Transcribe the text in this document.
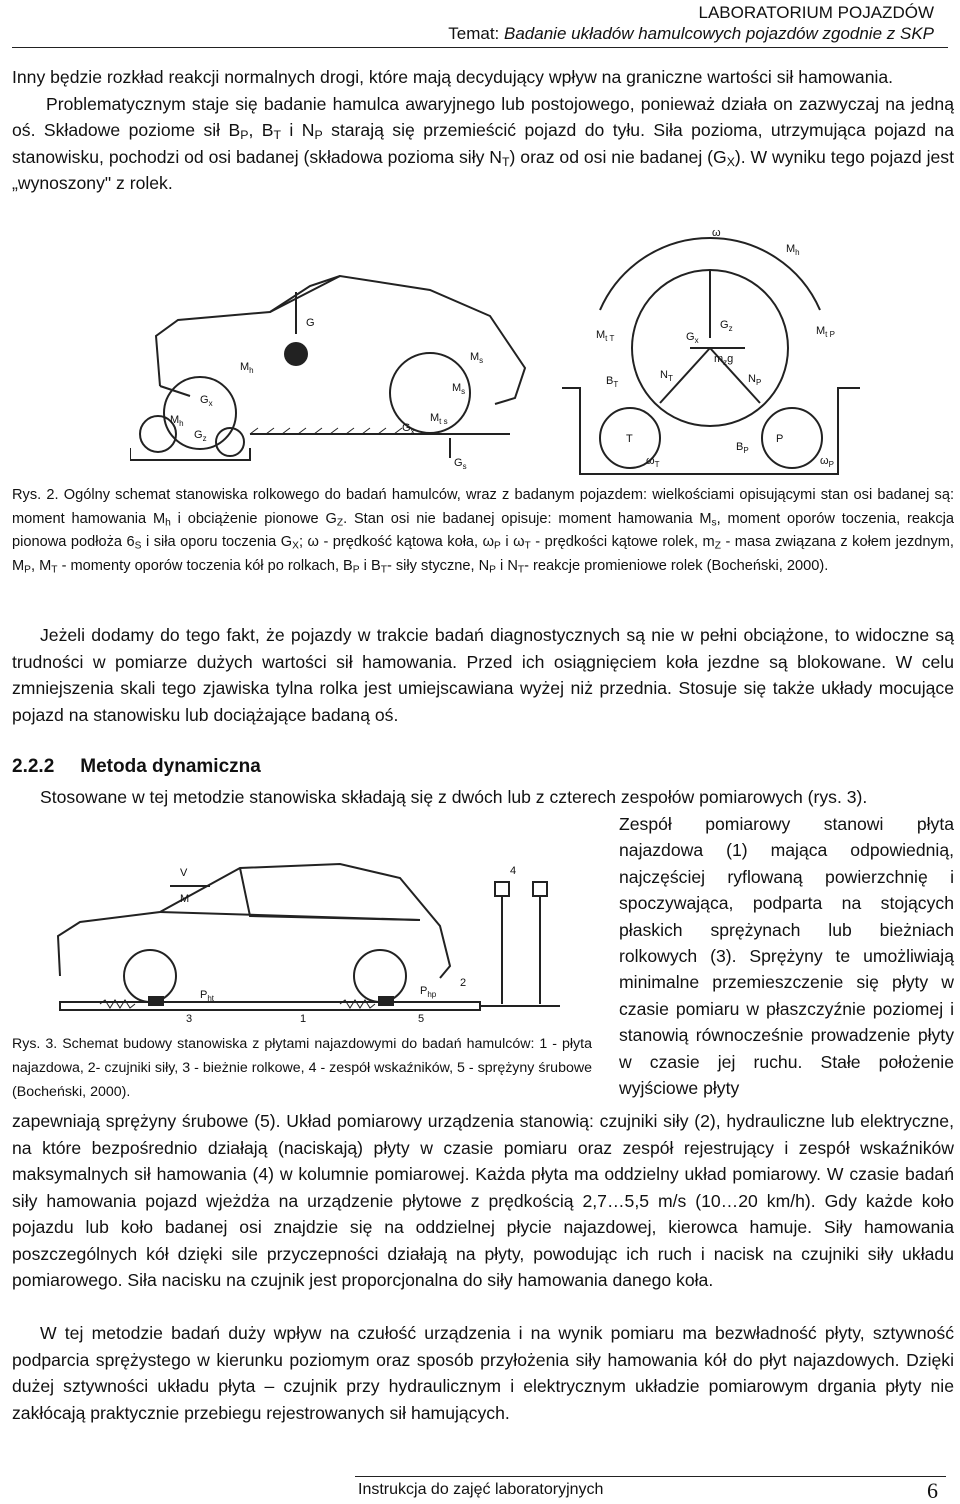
LABORATORIUM POJAZDÓW
Temat: Badanie układów hamulcowych pojazdów zgodnie z SKP

Inny będzie rozkład reakcji normalnych drogi, które mają decydujący wpływ na graniczne wartości sił hamowania.
Problematycznym staje się badanie hamulca awaryjnego lub postojowego, ponieważ działa on zazwyczaj na jedną oś. Składowe poziome sił BP, BT i NP starają się przemieścić pojazd do tyłu. Siła pozioma, utrzymująca pojazd na stanowisku, pochodzi od osi badanej (składowa pozioma siły NT) oraz od osi nie badanej (GX). W wyniku tego pojazd jest „wynoszony" z rolek.

G
$M_h$
$M_h$
$G_x$
$G_z$
$M_s$
$M_s$
$M_{t s}$
$G_x$
$G_s$
ω
$M_h$
$M_{t T}$
$M_{t P}$
$G_x$
$G_z$
$m_zg$
$B_T$
$N_T$	$N_P$
T	P
$B_P$
$\omega_T$	$\omega_P$

Rys. 2. Ogólny schemat stanowiska rolkowego do badań hamulców, wraz z badanym pojazdem: wielkościami opisującymi stan osi badanej są: moment hamowania Mh i obciążenie pionowe GZ. Stan osi nie badanej opisuje: moment hamowania Ms, moment oporów toczenia, reakcja pionowa podłoża 6S i siła oporu toczenia GX; ω - prędkość kątowa koła, ωP i ωT - prędkości kątowe rolek, mZ - masa związana z kołem jezdnym, MP, MT - momenty oporów toczenia kół po rolkach, BP i BT- siły styczne, NP i NT- reakcje promieniowe rolek (Bocheński, 2000).

Jeżeli dodamy do tego fakt, że pojazdy w trakcie badań diagnostycznych są nie w pełni obciążone, to widoczne są trudności w pomiarze dużych wartości sił hamowania. Przed ich osiągnięciem koła jezdne są blokowane. W celu zmniejszenia skali tego zjawiska tylna rolka jest umiejscawiana wyżej niż przednia. Stosuje się także układy mocujące pojazd na stanowisku lub dociążające badaną oś.

2.2.2 Metoda dynamiczna

Stosowane w tej metodzie stanowiska składają się z dwóch lub z czterech zespołów pomiarowych (rys. 3).

Zespół pomiarowy stanowi płyta najazdowa (1) mająca odpowiednią, najczęściej ryflowaną powierzchnię i spoczywająca, podparta na stojących płaskich sprężynach lub bieżniach rolkowych (3). Sprężyny te umożliwiają minimalne przemieszczenie się płyty w czasie pomiaru w płaszczyźnie poziomej i stanowią równocześnie prowadzenie płyty w czasie jej ruchu. Stałe położenie wyjściowe płyty

V
M
$P_{ht}$
$P_{hp}$
1
2
3
4
5

Rys. 3. Schemat budowy stanowiska z płytami najazdowymi do badań hamulców: 1 - płyta najazdowa, 2- czujniki siły, 3 - bieżnie rolkowe, 4 - zespół wskaźników, 5 - sprężyny śrubowe (Bocheński, 2000).

zapewniają sprężyny śrubowe (5). Układ pomiarowy urządzenia stanowią: czujniki siły (2), hydrauliczne lub elektryczne, na które bezpośrednio działają (naciskają) płyty w czasie pomiaru oraz zespół rejestrujący i zespół wskaźników maksymalnych sił hamowania (4) w kolumnie pomiarowej. Każda płyta ma oddzielny układ pomiarowy. W czasie badań siły hamowania pojazd wjeżdża na urządzenie płytowe z prędkością 2,7…5,5 m/s (10…20 km/h). Gdy każde koło pojazdu lub koło badanej osi znajdzie się na oddzielnej płycie najazdowej, kierowca hamuje. Siły hamowania poszczególnych kół dzięki sile przyczepności działają na płyty, powodując ich ruch i nacisk na czujniki siły układu pomiarowego. Siła nacisku na czujnik jest proporcjonalna do siły hamowania danego koła.

W tej metodzie badań duży wpływ na czułość urządzenia i na wynik pomiaru ma bezwładność płyty, sztywność podparcia sprężystego w kierunku poziomym oraz sposób przyłożenia siły hamowania kół do płyt najazdowych. Dzięki dużej sztywności układu płyta – czujnik przy hydraulicznym i elektrycznym układzie pomiarowym drgania płyty nie zakłócają praktycznie przebiegu rejestrowanych sił hamujących.

Instrukcja do zajęć laboratoryjnych	6
